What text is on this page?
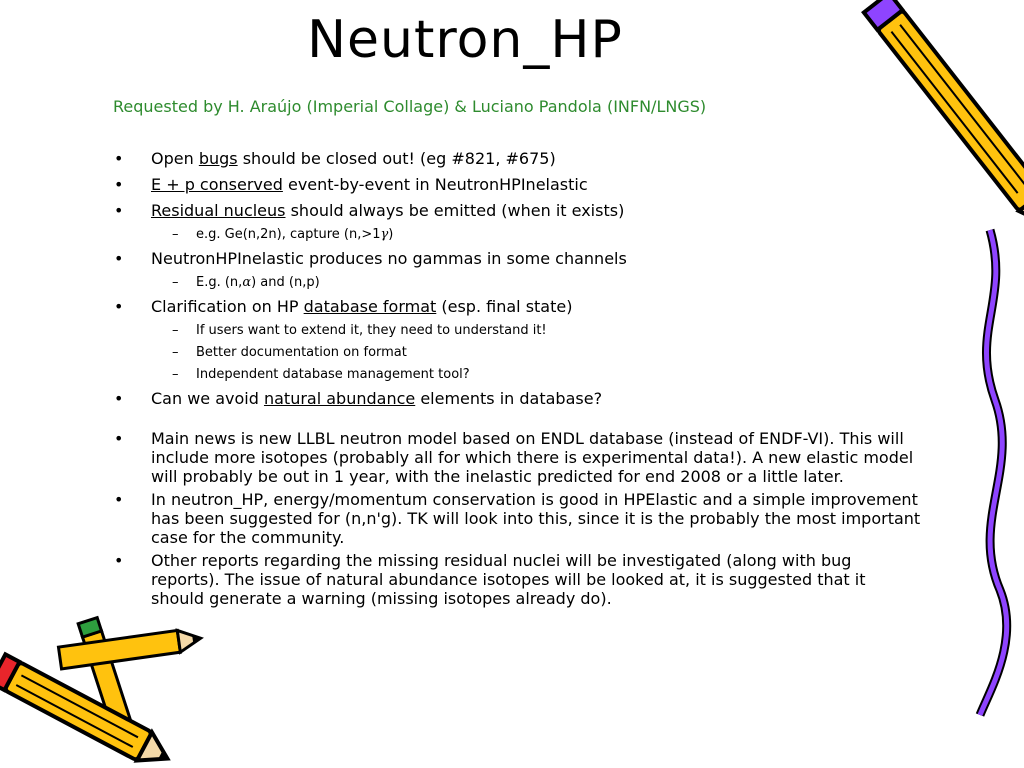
Neutron_HP

Requested by H. Araújo (Imperial Collage) & Luciano Pandola (INFN/LNGS)

• Open bugs should be closed out! (eg #821, #675)
• E + p conserved event-by-event in NeutronHPInelastic
• Residual nucleus should always be emitted (when it exists)
– e.g. Ge(n,2n), capture (n,>1γ)
• NeutronHPInelastic produces no gammas in some channels
– E.g. (n,α) and (n,p)
• Clarification on HP database format (esp. final state)
– If users want to extend it, they need to understand it!
– Better documentation on format
– Independent database management tool?
• Can we avoid natural abundance elements in database?
• Main news is new LLBL neutron model based on ENDL database (instead of ENDF-VI). This will include more isotopes (probably all for which there is experimental data!). A new elastic model will probably be out in 1 year, with the inelastic predicted for end 2008 or a little later.
• In neutron_HP, energy/momentum conservation is good in HPElastic and a simple improvement has been suggested for (n,n'g). TK will look into this, since it is the probably the most important case for the community.
• Other reports regarding the missing residual nuclei will be investigated (along with bug reports). The issue of natural abundance isotopes will be looked at, it is suggested that it should generate a warning (missing isotopes already do).
